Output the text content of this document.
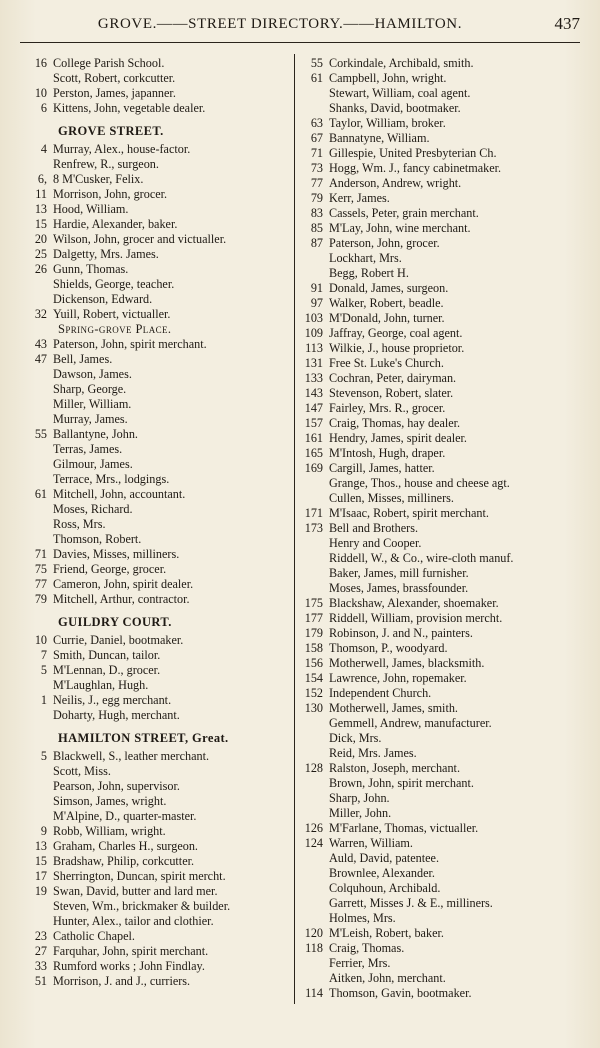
GROVE.——STREET DIRECTORY.——HAMILTON.	437
16 College Parish School.
Scott, Robert, corkcutter.
10 Perston, James, japanner.
6 Kittens, John, vegetable dealer.
GROVE STREET.
4 Murray, Alex., house-factor.
Renfrew, R., surgeon.
6, 8 M'Cusker, Felix.
11 Morrison, John, grocer.
13 Hood, William.
15 Hardie, Alexander, baker.
20 Wilson, John, grocer and victualler.
25 Dalgetty, Mrs. James.
26 Gunn, Thomas.
Shields, George, teacher.
Dickenson, Edward.
32 Yuill, Robert, victualler.
Spring-grove Place.
43 Paterson, John, spirit merchant.
47 Bell, James.
Dawson, James.
Sharp, George.
Miller, William.
Murray, James.
55 Ballantyne, John.
Terras, James.
Gilmour, James.
Terrace, Mrs., lodgings.
61 Mitchell, John, accountant.
Moses, Richard.
Ross, Mrs.
Thomson, Robert.
71 Davies, Misses, milliners.
75 Friend, George, grocer.
77 Cameron, John, spirit dealer.
79 Mitchell, Arthur, contractor.
GUILDRY COURT.
10 Currie, Daniel, bootmaker.
7 Smith, Duncan, tailor.
5 M'Lennan, D., grocer.
M'Laughlan, Hugh.
1 Neilis, J., egg merchant.
Doharty, Hugh, merchant.
HAMILTON STREET, Great.
5 Blackwell, S., leather merchant.
Scott, Miss.
Pearson, John, supervisor.
Simson, James, wright.
M'Alpine, D., quarter-master.
9 Robb, William, wright.
13 Graham, Charles H., surgeon.
15 Bradshaw, Philip, corkcutter.
17 Sherrington, Duncan, spirit mercht.
19 Swan, David, butter and lard mer.
Steven, Wm., brickmaker & builder.
Hunter, Alex., tailor and clothier.
23 Catholic Chapel.
27 Farquhar, John, spirit merchant.
33 Rumford works ; John Findlay.
51 Morrison, J. and J., curriers.
55 Corkindale, Archibald, smith.
61 Campbell, John, wright.
Stewart, William, coal agent.
Shanks, David, bootmaker.
63 Taylor, William, broker.
67 Bannatyne, William.
71 Gillespie, United Presbyterian Ch.
73 Hogg, Wm. J., fancy cabinetmaker.
77 Anderson, Andrew, wright.
79 Kerr, James.
83 Cassels, Peter, grain merchant.
85 M'Lay, John, wine merchant.
87 Paterson, John, grocer.
Lockhart, Mrs.
Begg, Robert H.
91 Donald, James, surgeon.
97 Walker, Robert, beadle.
103 M'Donald, John, turner.
109 Jaffray, George, coal agent.
113 Wilkie, J., house proprietor.
131 Free St. Luke's Church.
133 Cochran, Peter, dairyman.
143 Stevenson, Robert, slater.
147 Fairley, Mrs. R., grocer.
157 Craig, Thomas, hay dealer.
161 Hendry, James, spirit dealer.
165 M'Intosh, Hugh, draper.
169 Cargill, James, hatter.
Grange, Thos., house and cheese agt.
Cullen, Misses, milliners.
171 M'Isaac, Robert, spirit merchant.
173 Bell and Brothers.
Henry and Cooper.
Riddell, W., & Co., wire-cloth manuf.
Baker, James, mill furnisher.
Moses, James, brassfounder.
175 Blackshaw, Alexander, shoemaker.
177 Riddell, William, provision mercht.
179 Robinson, J. and N., painters.
158 Thomson, P., woodyard.
156 Motherwell, James, blacksmith.
154 Lawrence, John, ropemaker.
152 Independent Church.
130 Motherwell, James, smith.
Gemmell, Andrew, manufacturer.
Dick, Mrs.
Reid, Mrs. James.
128 Ralston, Joseph, merchant.
Brown, John, spirit merchant.
Sharp, John.
Miller, John.
126 M'Farlane, Thomas, victualler.
124 Warren, William.
Auld, David, patentee.
Brownlee, Alexander.
Colquhoun, Archibald.
Garrett, Misses J. & E., milliners.
Holmes, Mrs.
120 M'Leish, Robert, baker.
118 Craig, Thomas.
Ferrier, Mrs.
Aitken, John, merchant.
114 Thomson, Gavin, bootmaker.
